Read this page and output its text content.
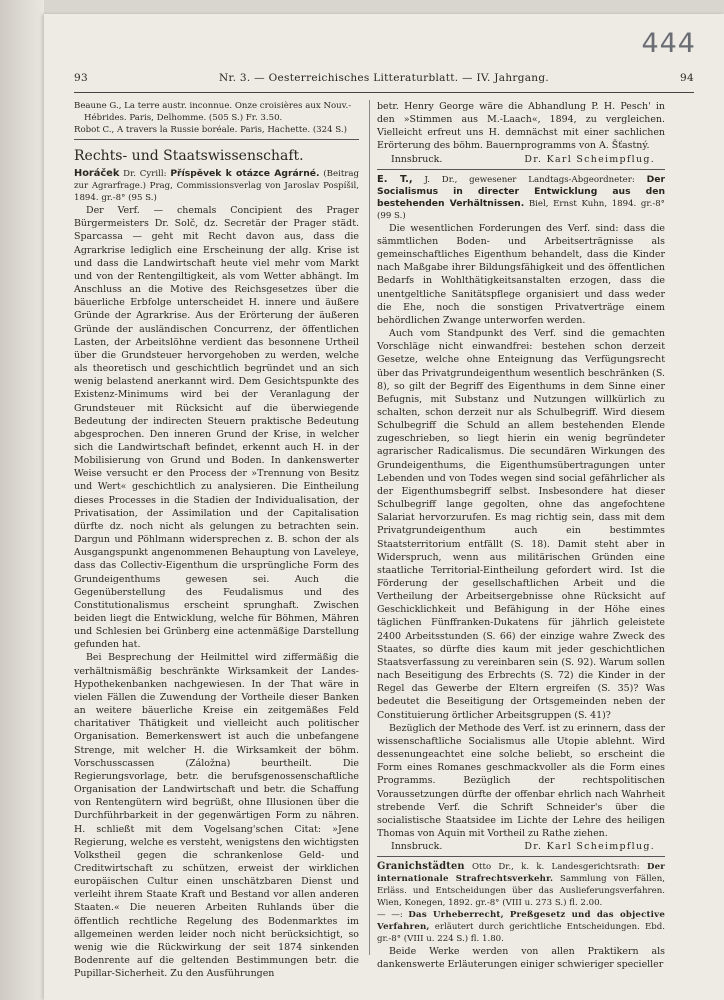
444
93	Nr. 3. — Oesterreichisches Litteraturblatt. — IV. Jahrgang.	94
Beaune G., La terre austr. inconnue. Onze croisières aux Nouv.-
Hébrides. Paris, Delhomme. (505 S.) Fr. 3.50.
Robot C., A travers la Russie boréale. Paris, Hachette. (324 S.)
Rechts- und Staatswissenschaft.

Horáček Dr. Cyrill: Příspěvek k otázce Agrárné. (Beitrag zur Agrarfrage.) Prag, Commissionsverlag von Jaroslav Pospíšil, 1894. gr.-8° (95 S.)

Der Verf. — chemals Concipient des Prager Bürgermeisters Dr. Solč, dz. Secretär der Prager städt. Sparcassa — geht mit Recht davon aus, dass die Agrarkrise lediglich eine Erscheinung der allg. Krise ist und dass die Landwirtschaft heute viel mehr vom Markt und von der Rentengiltigkeit, als vom Wetter abhängt. Im Anschluss an die Motive des Reichsgesetzes über die bäuerliche Erbfolge unterscheidet H. innere und äußere Gründe der Agrarkrise. Aus der Erörterung der äußeren Gründe der ausländischen Concurrenz, der öffentlichen Lasten, der Arbeitslöhne verdient das besonnene Urtheil über die Grundsteuer hervorgehoben zu werden, welche als theoretisch und geschichtlich begründet und an sich wenig belastend anerkannt wird. Dem Gesichtspunkte des Existenz-Minimums wird bei der Veranlagung der Grundsteuer mit Rücksicht auf die überwiegende Bedeutung der indirecten Steuern praktische Bedeutung abgesprochen. Den inneren Grund der Krise, in welcher sich die Landwirtschaft befindet, erkennt auch H. in der Mobilisierung von Grund und Boden. In dankenswerter Weise versucht er den Process der »Trennung von Besitz und Wert« geschichtlich zu analysieren. Die Eintheilung dieses Processes in die Stadien der Individualisation, der Privatisation, der Assimilation und der Capitalisation dürfte dz. noch nicht als gelungen zu betrachten sein. Dargun und Pöhlmann widersprechen z. B. schon der als Ausgangspunkt angenommenen Behauptung von Laveleye, dass das Collectiv-Eigenthum die ursprüngliche Form des Grundeigenthums gewesen sei. Auch die Gegenüberstellung des Feudalismus und des Constitutionalismus erscheint sprunghaft. Zwischen beiden liegt die Entwicklung, welche für Böhmen, Mähren und Schlesien bei Grünberg eine actenmäßige Darstellung gefunden hat.

Bei Besprechung der Heilmittel wird ziffermäßig die verhältnismäßig beschränkte Wirksamkeit der Landes-Hypothekenbanken nachgewiesen. In der That wäre in vielen Fällen die Zuwendung der Vortheile dieser Banken an weitere bäuerliche Kreise ein zeitgemäßes Feld charitativer Thätigkeit und vielleicht auch politischer Organisation. Bemerkenswert ist auch die unbefangene Strenge, mit welcher H. die Wirksamkeit der böhm. Vorschusscassen (Záložna) beurtheilt. Die Regierungsvorlage, betr. die berufsgenossenschaftliche Organisation der Landwirtschaft und betr. die Schaffung von Rentengütern wird begrüßt, ohne Illusionen über die Durchführbarkeit in der gegenwärtigen Form zu nähren. H. schließt mit dem Vogelsang'schen Citat: »Jene Regierung, welche es versteht, wenigstens den wichtigsten Volkstheil gegen die schrankenlose Geld- und Creditwirtschaft zu schützen, erweist der wirklichen europäischen Cultur einen unschätzbaren Dienst und verleiht ihrem Staate Kraft und Bestand vor allen anderen Staaten.« Die neueren Arbeiten Ruhlands über die öffentlich rechtliche Regelung des Bodenmarktes im allgemeinen werden leider noch nicht berücksichtigt, so wenig wie die Rückwirkung der seit 1874 sinkenden Bodenrente auf die geltenden Bestimmungen betr. die Pupillar-Sicherheit. Zu den Ausführungen

betr. Henry George wäre die Abhandlung P. H. Pesch' in den »Stimmen aus M.-Laach«, 1894, zu vergleichen. Vielleicht erfreut uns H. demnächst mit einer sachlichen Erörterung des böhm. Bauernprogramms von A. Šťastný.

Innsbruck.	Dr. Karl Scheimpflug.

E. T., J. Dr., gewesener Landtags-Abgeordneter: Der Socialismus in directer Entwicklung aus den bestehenden Verhältnissen. Biel, Ernst Kuhn, 1894. gr.-8° (99 S.)

Die wesentlichen Forderungen des Verf. sind: dass die sämmtlichen Boden- und Arbeitserträgnisse als gemeinschaftliches Eigenthum behandelt, dass die Kinder nach Maßgabe ihrer Bildungsfähigkeit und des öffentlichen Bedarfs in Wohlthätigkeitsanstalten erzogen, dass die unentgeltliche Sanitätspflege organisiert und dass weder die Ehe, noch die sonstigen Privatverträge einem behördlichen Zwange unterworfen werden.

Auch vom Standpunkt des Verf. sind die gemachten Vorschläge nicht einwandfrei: bestehen schon derzeit Gesetze, welche ohne Enteignung das Verfügungsrecht über das Privatgrundeigenthum wesentlich beschränken (S. 8), so gilt der Begriff des Eigenthums in dem Sinne einer Befugnis, mit Substanz und Nutzungen willkürlich zu schalten, schon derzeit nur als Schulbegriff. Wird diesem Schulbegriff die Schuld an allem bestehenden Elende zugeschrieben, so liegt hierin ein wenig begründeter agrarischer Radicalismus. Die secundären Wirkungen des Grundeigenthums, die Eigenthumsübertragungen unter Lebenden und von Todes wegen sind social gefährlicher als der Eigenthumsbegriff selbst. Insbesondere hat dieser Schulbegriff lange gegolten, ohne das angefochtene Salariat hervorzurufen. Es mag richtig sein, dass mit dem Privatgrundeigenthum auch ein bestimmtes Staatsterritorium entfällt (S. 18). Damit steht aber in Widerspruch, wenn aus militärischen Gründen eine staatliche Territorial-Eintheilung gefordert wird. Ist die Förderung der gesellschaftlichen Arbeit und die Vertheilung der Arbeitsergebnisse ohne Rücksicht auf Geschicklichkeit und Befähigung in der Höhe eines täglichen Fünffranken-Dukatens für jährlich geleistete 2400 Arbeitsstunden (S. 66) der einzige wahre Zweck des Staates, so dürfte dies kaum mit jeder geschichtlichen Staatsverfassung zu vereinbaren sein (S. 92). Warum sollen nach Beseitigung des Erbrechts (S. 72) die Kinder in der Regel das Gewerbe der Eltern ergreifen (S. 35)? Was bedeutet die Beseitigung der Ortsgemeinden neben der Constituierung örtlicher Arbeitsgruppen (S. 41)?

Bezüglich der Methode des Verf. ist zu erinnern, dass der wissenschaftliche Socialismus alle Utopie ablehnt. Wird dessenungeachtet eine solche beliebt, so erscheint die Form eines Romanes geschmackvoller als die Form eines Programms. Bezüglich der rechtspolitischen Voraussetzungen dürfte der offenbar ehrlich nach Wahrheit strebende Verf. die Schrift Schneider's über die socialistische Staatsidee im Lichte der Lehre des heiligen Thomas von Aquin mit Vortheil zu Rathe ziehen.

Innsbruck.	Dr. Karl Scheimpflug.

Granichstädten Otto Dr., k. k. Landesgerichtsrath: Der internationale Strafrechtsverkehr. Sammlung von Fällen, Erläss. und Entscheidungen über das Auslieferungsverfahren. Wien, Konegen, 1892. gr.-8° (VIII u. 273 S.) fl. 2.00.

— —: Das Urheberrecht, Preßgesetz und das objective Verfahren, erläutert durch gerichtliche Entscheidungen. Ebd. gr.-8° (VIII u. 224 S.) fl. 1.80.

Beide Werke werden von allen Praktikern als dankenswerte Erläuterungen einiger schwieriger specieller
